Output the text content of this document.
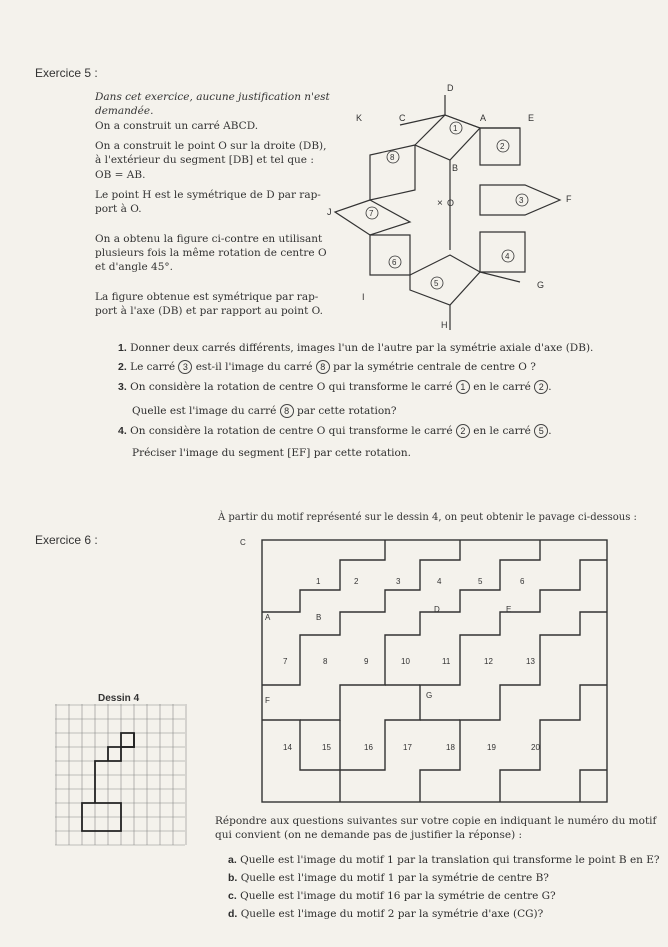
Exercice 5 :
Dans cet exercice, aucune justification n'est
demandée.
On a construit un carré ABCD.
On a construit le point O sur la droite (DB),
à l'extérieur du segment [DB] et tel que :
OB = AB.
Le point H est le symétrique de D par rap-
port à O.
On a obtenu la figure ci-contre en utilisant
plusieurs fois la même rotation de centre O
et d'angle 45°.
La figure obtenue est symétrique par rap-
port à l'axe (DB) et par rapport au point O.
D
A	E
K	C
B
J
× O	F
I
G
H
1
2
3
4
5
6
7
8
1. Donner deux carrés différents, images l'un de l'autre par la symétrie axiale d'axe (DB).
2. Le carré 3 est-il l'image du carré 8 par la symétrie centrale de centre O ?
3. On considère la rotation de centre O qui transforme le carré 1 en le carré 2 .
Quelle est l'image du carré 8 par cette rotation?
4. On considère la rotation de centre O qui transforme le carré 2 en le carré 5 .
Préciser l'image du segment [EF] par cette rotation.
À partir du motif représenté sur le dessin 4, on peut obtenir le pavage ci-dessous :
Exercice 6 :	C
A	B
D	E
F
G
1	2	3	4	5	6
7	8	9	10	11	12	13
14	15	16	17	18	19	20
Dessin 4
Répondre aux questions suivantes sur votre copie en indiquant le numéro du motif
qui convient (on ne demande pas de justifier la réponse) :
a. Quelle est l'image du motif 1 par la translation qui transforme le point B en E?
b. Quelle est l'image du motif 1 par la symétrie de centre B?
c. Quelle est l'image du motif 16 par la symétrie de centre G?
d. Quelle est l'image du motif 2 par la symétrie d'axe (CG)?
